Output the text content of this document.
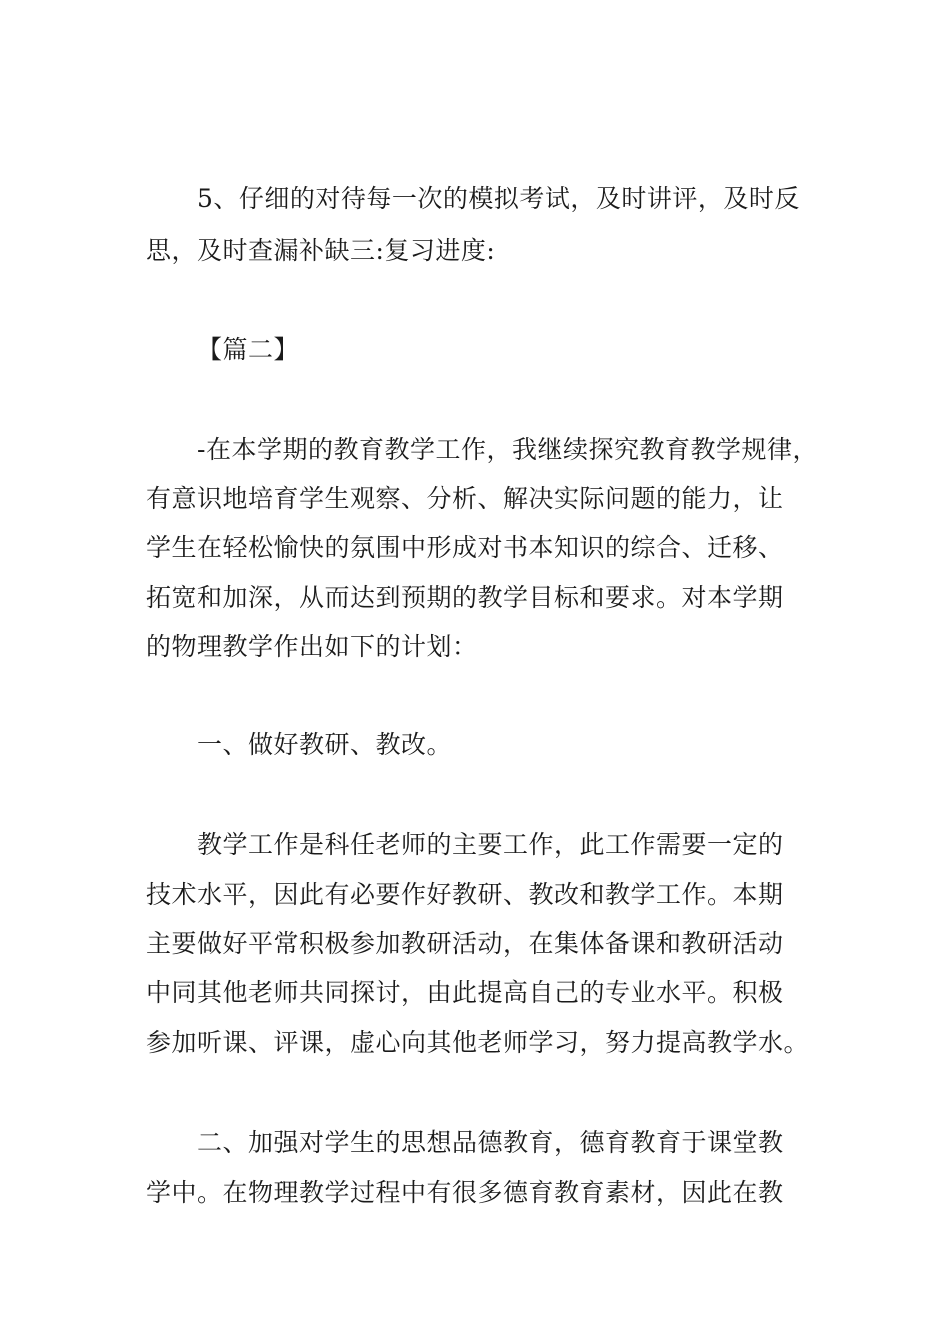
5、仔细的对待每一次的模拟考试，及时讲评，及时反
思，及时查漏补缺三:复习进度:
【篇二】
-在本学期的教育教学工作，我继续探究教育教学规律，
有意识地培育学生观察、分析、解决实际问题的能力，让
学生在轻松愉快的氛围中形成对书本知识的综合、迁移、
拓宽和加深，从而达到预期的教学目标和要求。对本学期
的物理教学作出如下的计划：
一、做好教研、教改。
教学工作是科任老师的主要工作，此工作需要一定的
技术水平，因此有必要作好教研、教改和教学工作。本期
主要做好平常积极参加教研活动，在集体备课和教研活动
中同其他老师共同探讨，由此提高自己的专业水平。积极
参加听课、评课，虚心向其他老师学习，努力提高教学水。
二、加强对学生的思想品德教育，德育教育于课堂教
学中。在物理教学过程中有很多德育教育素材，因此在教
